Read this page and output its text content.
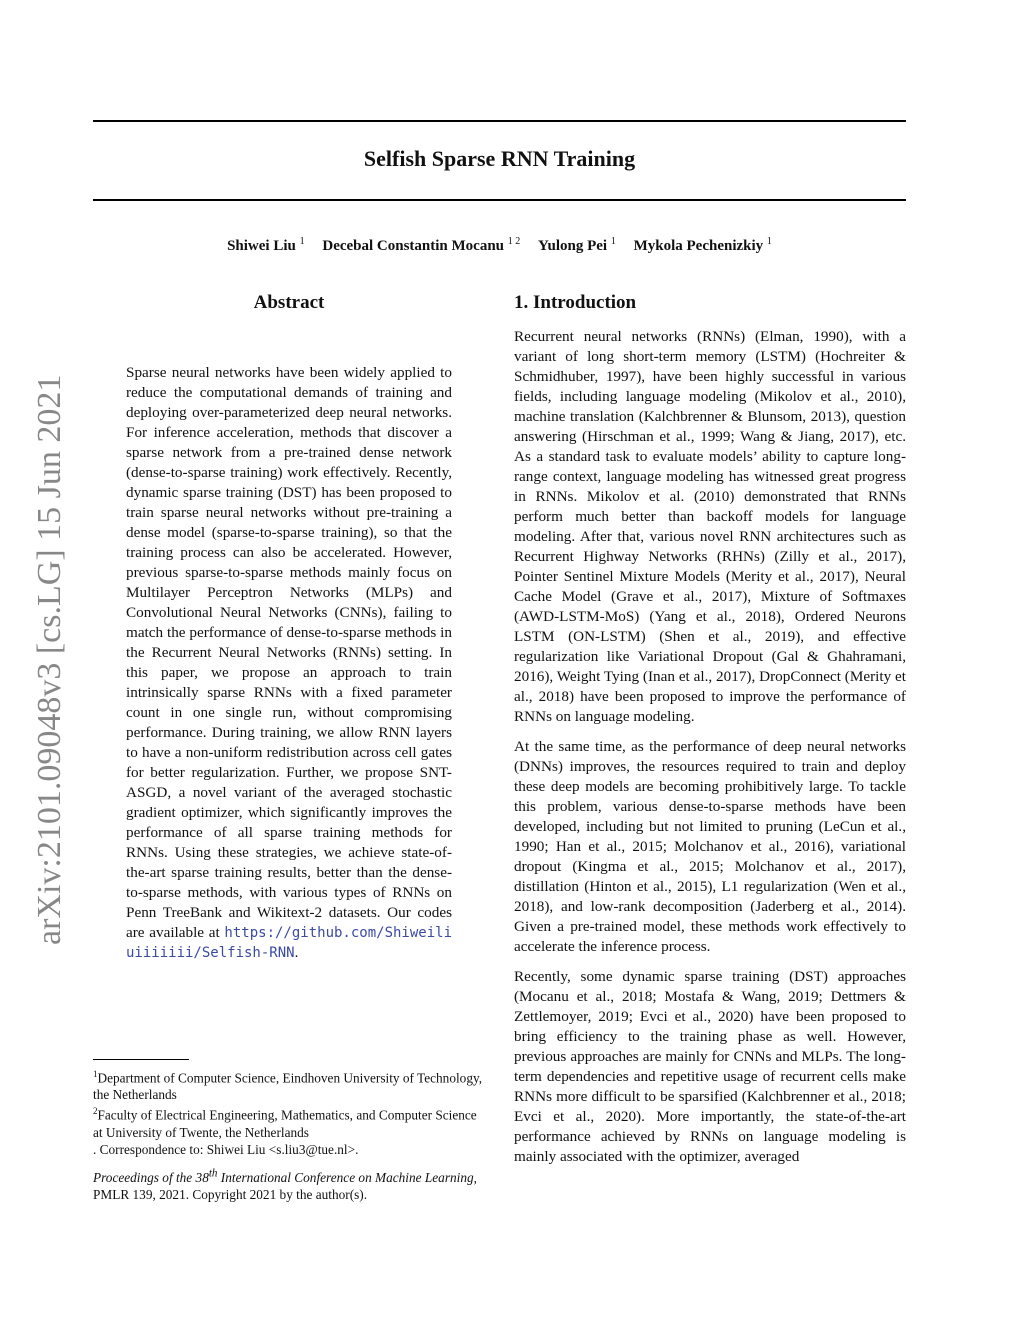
arXiv:2101.09048v3 [cs.LG] 15 Jun 2021
Selfish Sparse RNN Training
Shiwei Liu $^1$ Decebal Constantin Mocanu $^{1 2}$ Yulong Pei $^1$ Mykola Pechenizkiy $^1$
Abstract	1. Introduction
Sparse neural networks have been widely applied to reduce the computational demands of training and deploying over-parameterized deep neural networks. For inference acceleration, methods that discover a sparse network from a pre-trained dense network (dense-to-sparse training) work effectively. Recently, dynamic sparse training (DST) has been proposed to train sparse neural networks without pre-training a dense model (sparse-to-sparse training), so that the training process can also be accelerated. However, previous sparse-to-sparse methods mainly focus on Multilayer Perceptron Networks (MLPs) and Convolutional Neural Networks (CNNs), failing to match the performance of dense-to-sparse methods in the Recurrent Neural Networks (RNNs) setting. In this paper, we propose an approach to train intrinsically sparse RNNs with a fixed parameter count in one single run, without compromising performance. During training, we allow RNN layers to have a non-uniform redistribution across cell gates for better regularization. Further, we propose SNT-ASGD, a novel variant of the averaged stochastic gradient optimizer, which significantly improves the performance of all sparse training methods for RNNs. Using these strategies, we achieve state-of-the-art sparse training results, better than the dense-to-sparse methods, with various types of RNNs on Penn TreeBank and Wikitext-2 datasets. Our codes are available at https://github.com/Shiweiliuiiiiiii/Selfish-RNN.

Recurrent neural networks (RNNs) (Elman, 1990), with a variant of long short-term memory (LSTM) (Hochreiter & Schmidhuber, 1997), have been highly successful in various fields, including language modeling (Mikolov et al., 2010), machine translation (Kalchbrenner & Blunsom, 2013), question answering (Hirschman et al., 1999; Wang & Jiang, 2017), etc. As a standard task to evaluate models’ ability to capture long-range context, language modeling has witnessed great progress in RNNs. Mikolov et al. (2010) demonstrated that RNNs perform much better than backoff models for language modeling. After that, various novel RNN architectures such as Recurrent Highway Networks (RHNs) (Zilly et al., 2017), Pointer Sentinel Mixture Models (Merity et al., 2017), Neural Cache Model (Grave et al., 2017), Mixture of Softmaxes (AWD-LSTM-MoS) (Yang et al., 2018), Ordered Neurons LSTM (ON-LSTM) (Shen et al., 2019), and effective regularization like Variational Dropout (Gal & Ghahramani, 2016), Weight Tying (Inan et al., 2017), DropConnect (Merity et al., 2018) have been proposed to improve the performance of RNNs on language modeling.

At the same time, as the performance of deep neural networks (DNNs) improves, the resources required to train and deploy these deep models are becoming prohibitively large. To tackle this problem, various dense-to-sparse methods have been developed, including but not limited to pruning (LeCun et al., 1990; Han et al., 2015; Molchanov et al., 2016), variational dropout (Kingma et al., 2015; Molchanov et al., 2017), distillation (Hinton et al., 2015), L1 regularization (Wen et al., 2018), and low-rank decomposition (Jaderberg et al., 2014). Given a pre-trained model, these methods work effectively to accelerate the inference process.

Recently, some dynamic sparse training (DST) approaches (Mocanu et al., 2018; Mostafa & Wang, 2019; Dettmers & Zettlemoyer, 2019; Evci et al., 2020) have been proposed to bring efficiency to the training phase as well. However, previous approaches are mainly for CNNs and MLPs. The long-term dependencies and repetitive usage of recurrent cells make RNNs more difficult to be sparsified (Kalchbrenner et al., 2018; Evci et al., 2020). More importantly, the state-of-the-art performance achieved by RNNs on language modeling is mainly associated with the optimizer, averaged

$^1$Department of Computer Science, Eindhoven University of Technology, the Netherlands

$^2$Faculty of Electrical Engineering, Mathematics, and Computer Science at University of Twente, the Netherlands

. Correspondence to: Shiwei Liu <s.liu3@tue.nl>.

Proceedings of the 38th International Conference on Machine Learning, PMLR 139, 2021. Copyright 2021 by the author(s).
